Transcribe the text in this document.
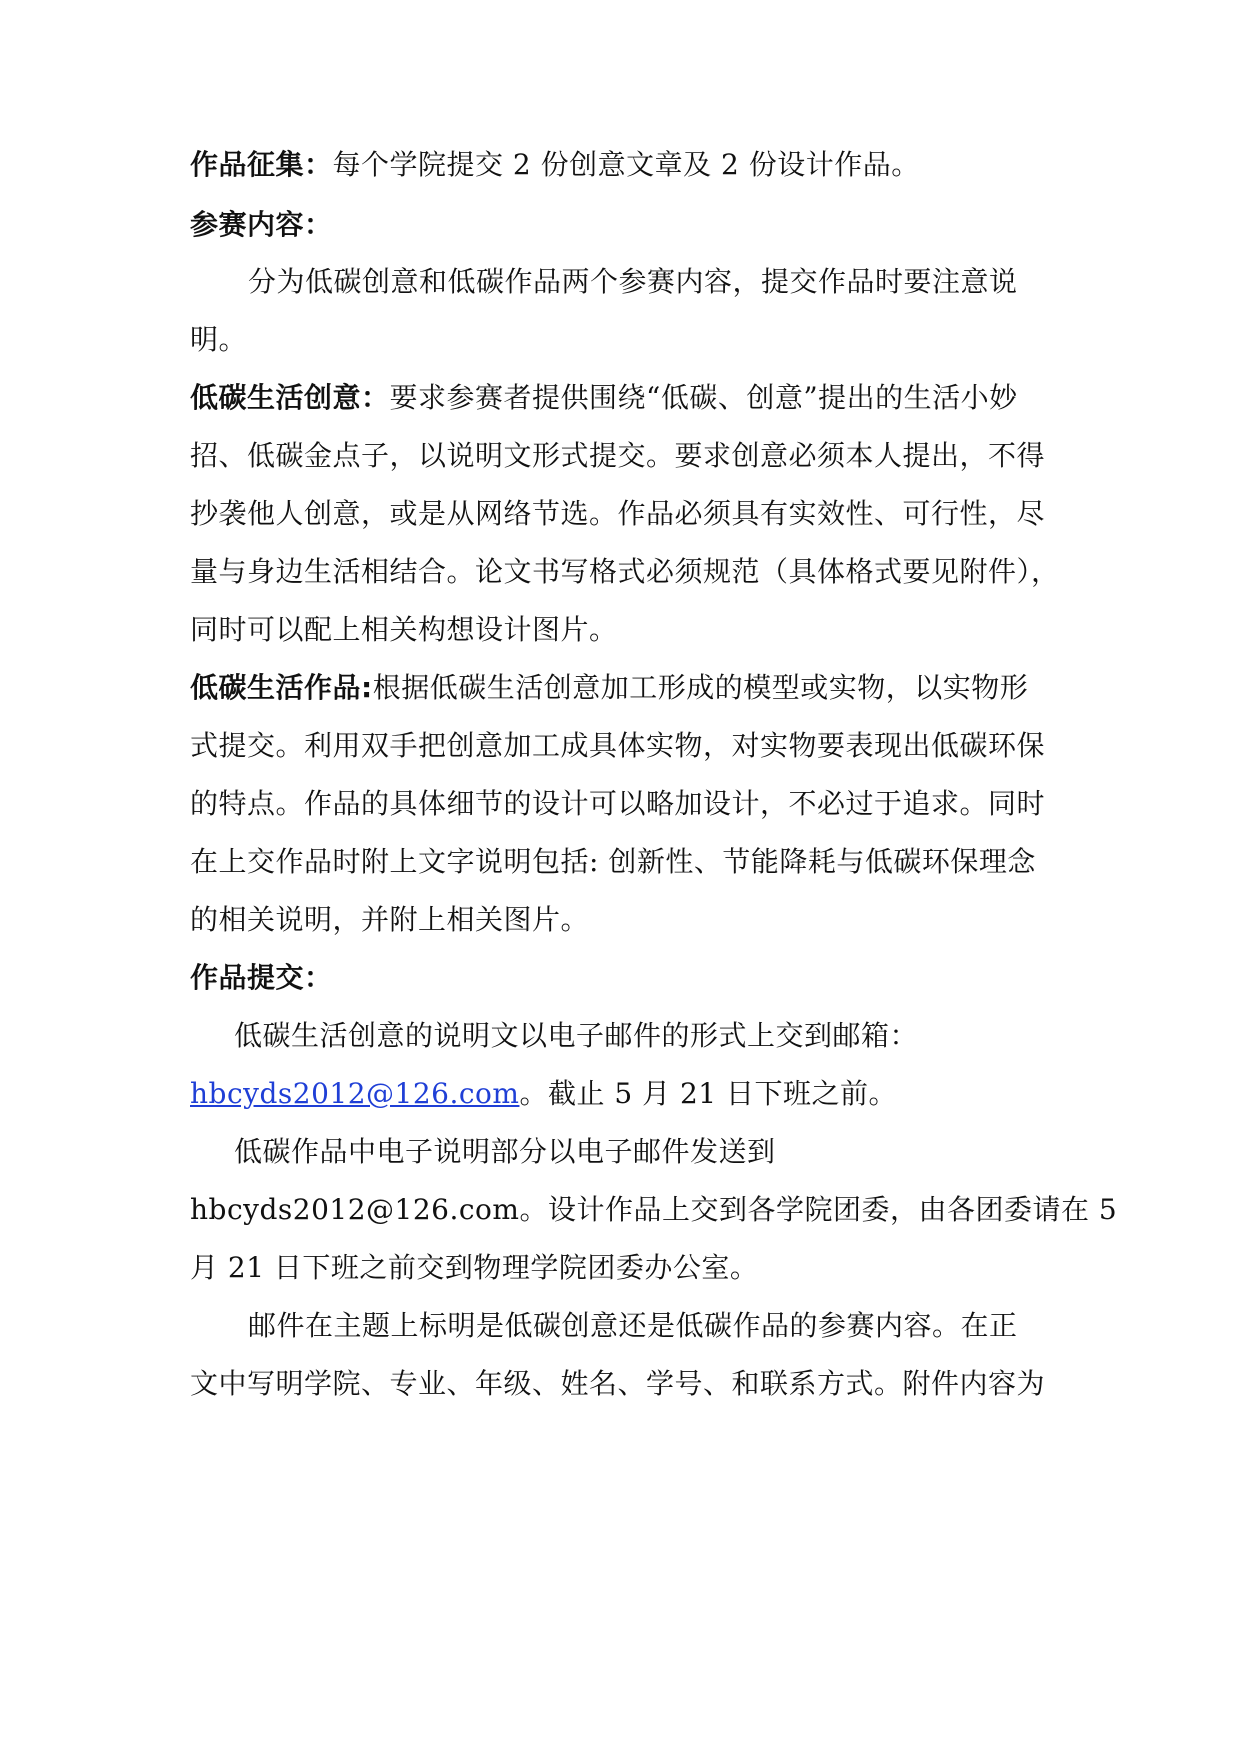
作品征集：每个学院提交 2 份创意文章及 2 份设计作品。
参赛内容：
分为低碳创意和低碳作品两个参赛内容，提交作品时要注意说
明。
低碳生活创意：要求参赛者提供围绕“低碳、创意”提出的生活小妙
招、低碳金点子，以说明文形式提交。要求创意必须本人提出，不得
抄袭他人创意，或是从网络节选。作品必须具有实效性、可行性，尽
量与身边生活相结合。论文书写格式必须规范（具体格式要见附件），
同时可以配上相关构想设计图片。
低碳生活作品:根据低碳生活创意加工形成的模型或实物，以实物形
式提交。利用双手把创意加工成具体实物，对实物要表现出低碳环保
的特点。作品的具体细节的设计可以略加设计，不必过于追求。同时
在上交作品时附上文字说明包括: 创新性、节能降耗与低碳环保理念
的相关说明，并附上相关图片。
作品提交：
低碳生活创意的说明文以电子邮件的形式上交到邮箱：
hbcyds2012@126.com。截止 5 月 21 日下班之前。
低碳作品中电子说明部分以电子邮件发送到
hbcyds2012@126.com。设计作品上交到各学院团委，由各团委请在 5
月 21 日下班之前交到物理学院团委办公室。
邮件在主题上标明是低碳创意还是低碳作品的参赛内容。在正
文中写明学院、专业、年级、姓名、学号、和联系方式。附件内容为
